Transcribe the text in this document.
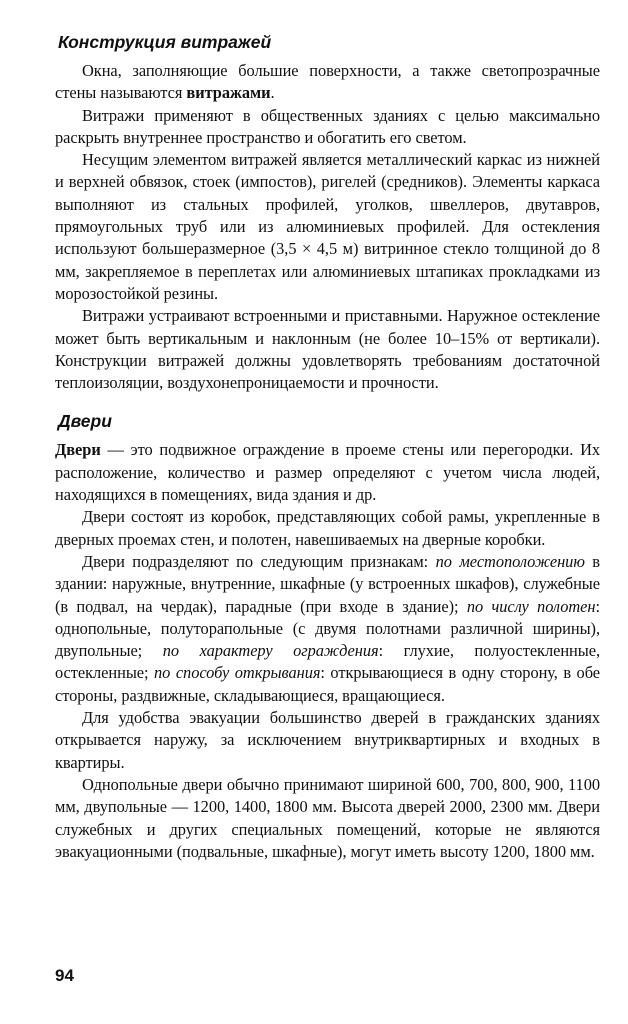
Конструкция витражей

Окна, заполняющие большие поверхности, а также светопрозрачные стены называются витражами.

Витражи применяют в общественных зданиях с целью максимально раскрыть внутреннее пространство и обогатить его светом.

Несущим элементом витражей является металлический каркас из нижней и верхней обвязок, стоек (импостов), ригелей (средников). Элементы каркаса выполняют из стальных профилей, уголков, швеллеров, двутавров, прямоугольных труб или из алюминиевых профилей. Для остекления используют большеразмерное (3,5 × 4,5 м) витринное стекло толщиной до 8 мм, закрепляемое в переплетах или алюминиевых штапиках прокладками из морозостойкой резины.

Витражи устраивают встроенными и приставными. Наружное остекление может быть вертикальным и наклонным (не более 10–15% от вертикали). Конструкции витражей должны удовлетворять требованиям достаточной теплоизоляции, воздухонепроницаемости и прочности.

Двери

Двери — это подвижное ограждение в проеме стены или перегородки. Их расположение, количество и размер определяют с учетом числа людей, находящихся в помещениях, вида здания и др.

Двери состоят из коробок, представляющих собой рамы, укрепленные в дверных проемах стен, и полотен, навешиваемых на дверные коробки.

Двери подразделяют по следующим признакам: по местоположению в здании: наружные, внутренние, шкафные (у встроенных шкафов), служебные (в подвал, на чердак), парадные (при входе в здание); по числу полотен: однопольные, полуторапольные (с двумя полотнами различной ширины), двупольные; по характеру ограждения: глухие, полуостекленные, остекленные; по способу открывания: открывающиеся в одну сторону, в обе стороны, раздвижные, складывающиеся, вращающиеся.

Для удобства эвакуации большинство дверей в гражданских зданиях открывается наружу, за исключением внутриквартирных и входных в квартиры.

Однопольные двери обычно принимают шириной 600, 700, 800, 900, 1100 мм, двупольные — 1200, 1400, 1800 мм. Высота дверей 2000, 2300 мм. Двери служебных и других специальных помещений, которые не являются эвакуационными (подвальные, шкафные), могут иметь высоту 1200, 1800 мм.

94
